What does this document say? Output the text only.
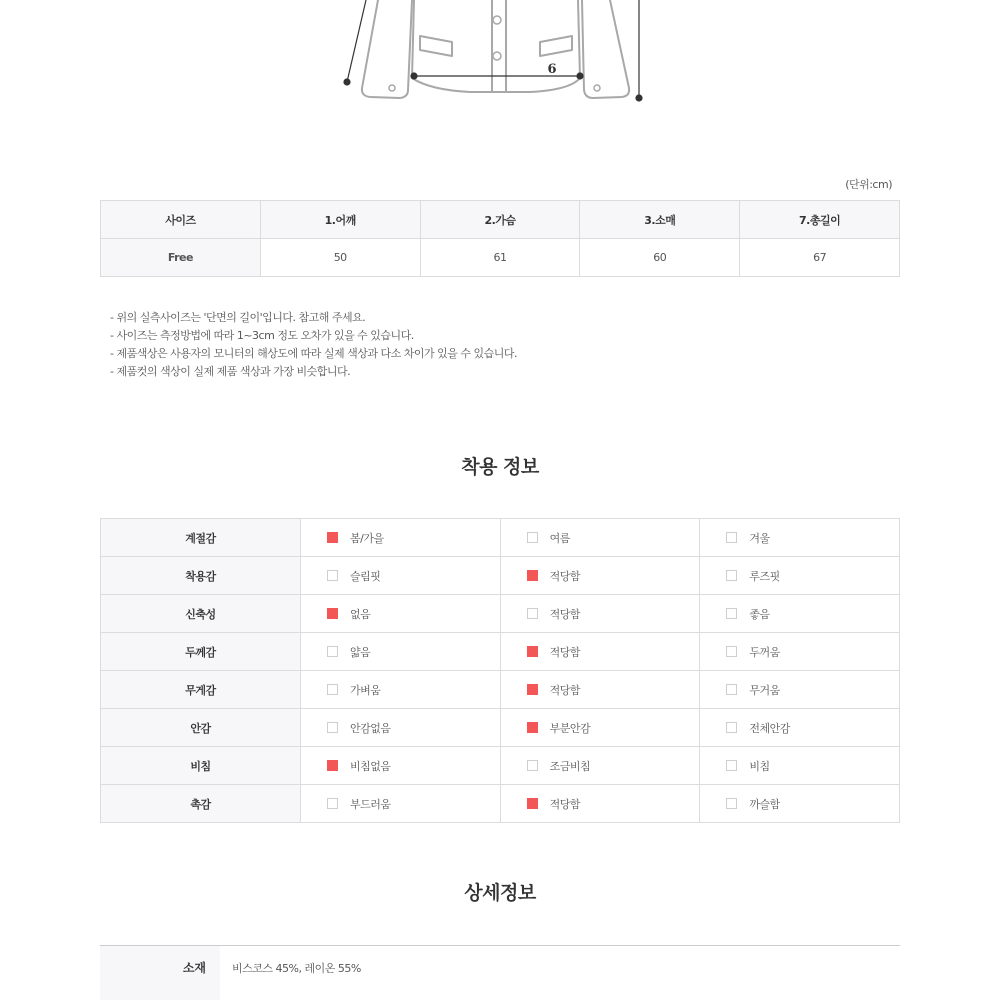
6
(단위:cm)
사이즈	1.어깨	2.가슴	3.소매	7.총길이
Free	50	61	60	67
- 위의 실측사이즈는 '단면의 길이'입니다. 참고해 주세요.
- 사이즈는 측정방법에 따라 1~3cm 정도 오차가 있을 수 있습니다.
- 제품색상은 사용자의 모니터의 해상도에 따라 실제 색상과 다소 차이가 있을 수 있습니다.
- 제품컷의 색상이 실제 제품 색상과 가장 비슷합니다.
착용 정보
계절감	봄/가을	여름	겨울
착용감	슬림핏	적당함	루즈핏
신축성	없음	적당함	좋음
두께감	얇음	적당함	두꺼움
무게감	가벼움	적당함	무거움
안감	안감없음	부분안감	전체안감
비침	비침없음	조금비침	비침
촉감	부드러움	적당함	까슬함
상세정보
소재 비스코스 45%, 레이온 55%
